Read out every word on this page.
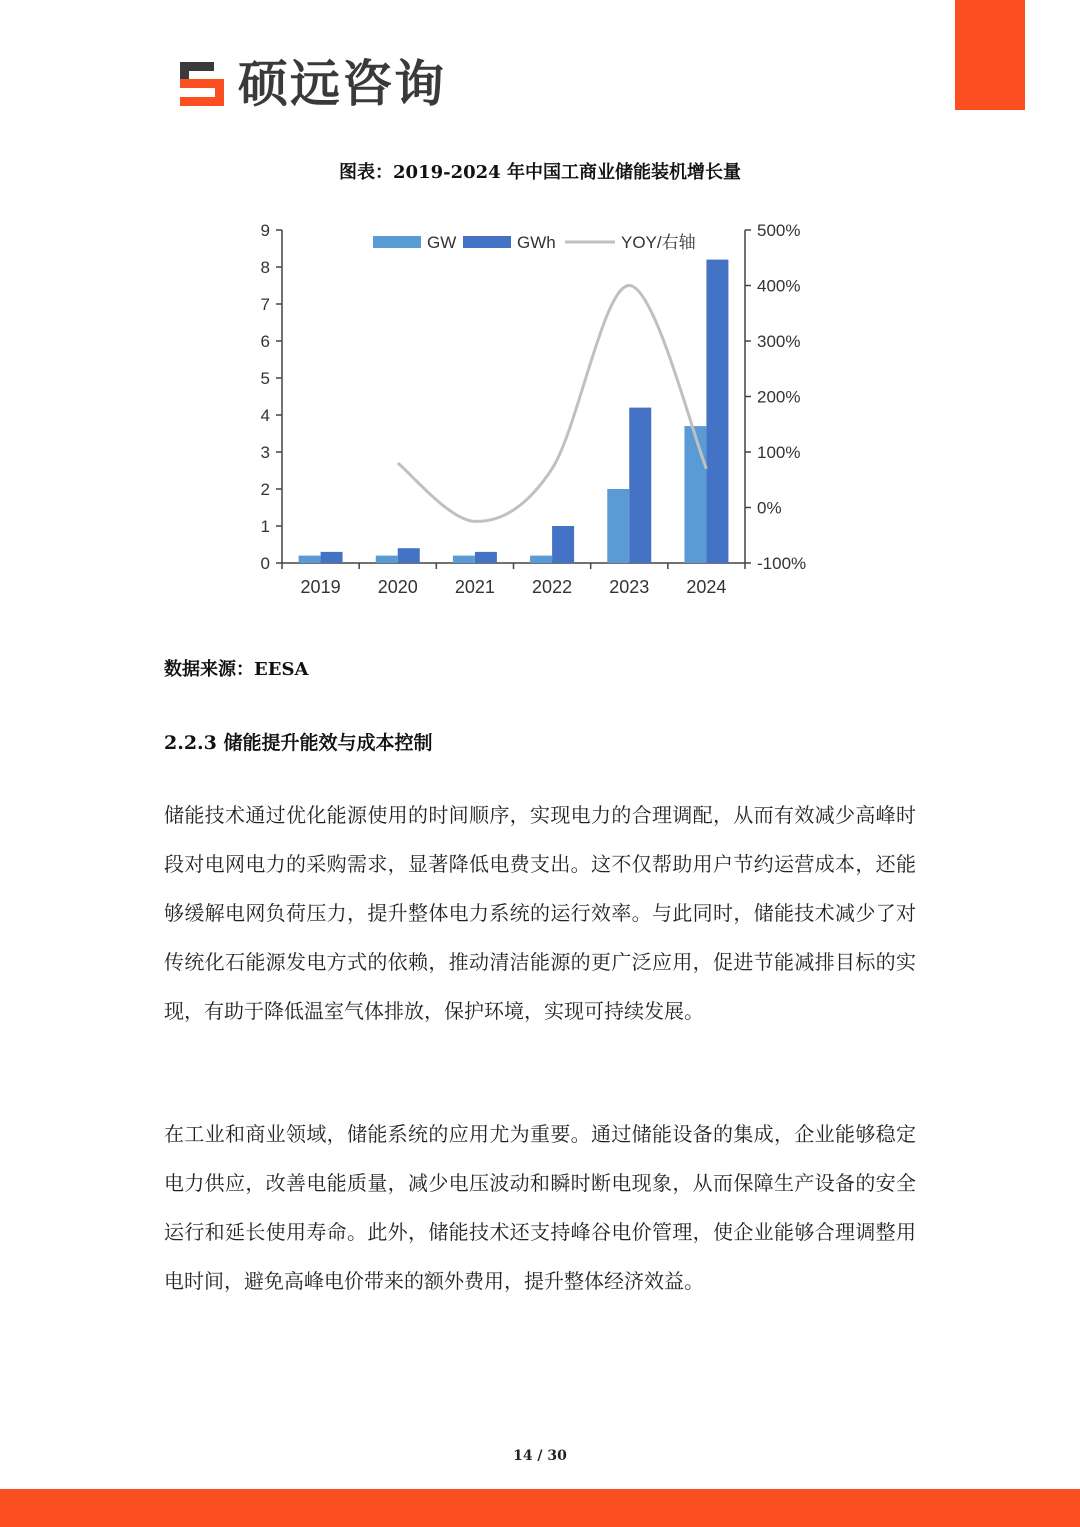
硕远咨询
图表：2019-2024 年中国工商业储能装机增长量
0
1
2
3
4
5
6
7
8
9
-100%
0%
100%
200%
300%
400%
500%
2019 2020 2021 2022 2023 2024
GW	GWh	YOY/右轴
数据来源：EESA
2.2.3 储能提升能效与成本控制

储能技术通过优化能源使用的时间顺序，实现电力的合理调配，从而有效减少高峰时段对电网电力的采购需求，显著降低电费支出。这不仅帮助用户节约运营成本，还能够缓解电网负荷压力，提升整体电力系统的运行效率。与此同时，储能技术减少了对传统化石能源发电方式的依赖，推动清洁能源的更广泛应用，促进节能减排目标的实现，有助于降低温室气体排放，保护环境，实现可持续发展。

在工业和商业领域，储能系统的应用尤为重要。通过储能设备的集成，企业能够稳定电力供应，改善电能质量，减少电压波动和瞬时断电现象，从而保障生产设备的安全运行和延长使用寿命。此外，储能技术还支持峰谷电价管理，使企业能够合理调整用电时间，避免高峰电价带来的额外费用，提升整体经济效益。

14 / 30
